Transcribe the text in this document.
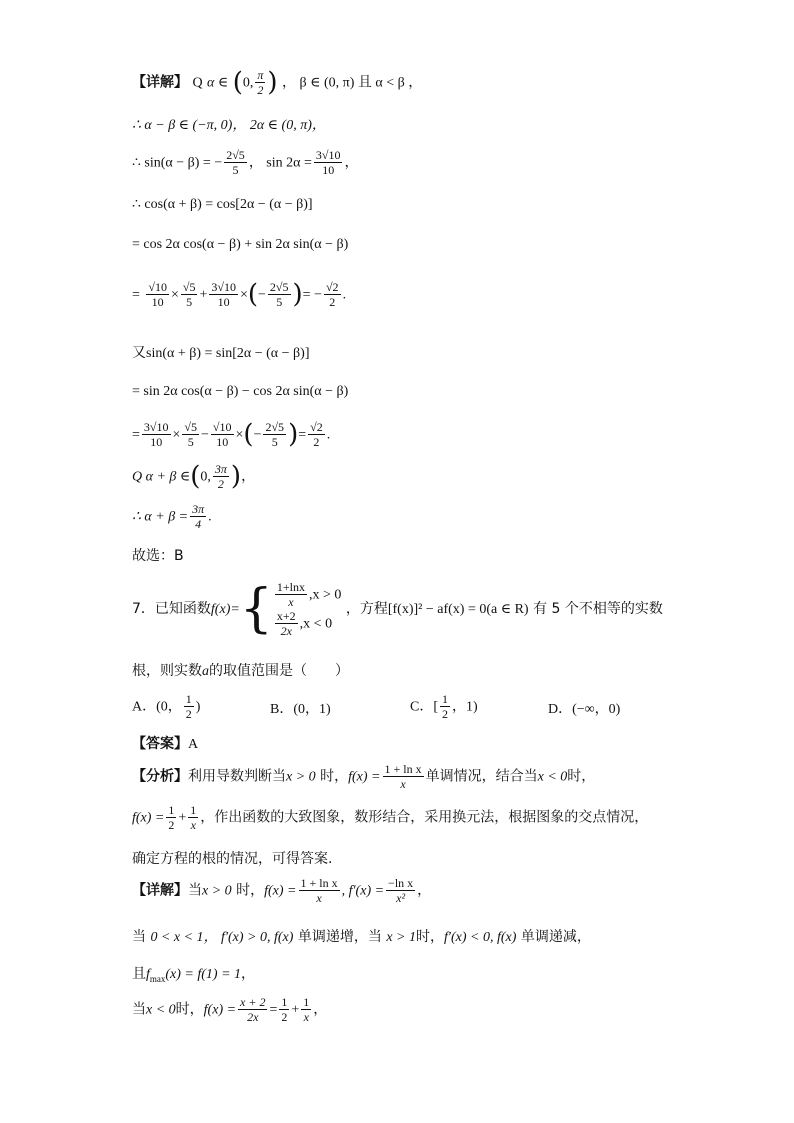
【详解】 Q α ∈ (0, $\frac{\pi}{2}$ ) ， β ∈ (0, π) 且 α < β ，
∴ α − β ∈ (−π, 0)， 2α ∈ (0, π)，
∴ sin(α − β) = − $\frac{2√5}{5}$ ， $\sin 2\alpha = \frac{3√10}{10}$ ，
∴ cos(α + β) = cos[2α − (α − β)]
= cos 2α cos(α − β) + sin 2α sin(α − β)
= $\frac{√10}{10} \times \frac{√5}{5} + \frac{3√10}{10}$ ×(− $\frac{2√5}{5}$ )= − $\frac{√2}{2}$ .
又sin(α + β) = sin[2α − (α − β)]
= sin 2α cos(α − β) − cos 2α sin(α − β)
= $\frac{3√10}{10} \times \frac{√5}{5} - \frac{√10}{10}$ ×(− $\frac{2√5}{5}$ )= $\frac{√2}{2}$ .
Q α + β ∈(0, $\frac{3\pi}{2}$ )，
∴ $\alpha + \beta = \frac{3\pi}{4}$ .
故选：B
7．已知函数$f(x)=\{ \frac{1+\ln x}{x} ,x > 0$
$\frac{x+2}{2x} ,x < 0$
，方程[f(x)]² − af(x) = 0(a ∈ R) 有 5 个不相等的实数
根，则实数a的取值范围是（　　）
A．(0， $\frac{1}{2}$ )	B．(0，1)	C．[ $\frac{1}{2}$ ，1)	D．(−∞，0)
【答案】A
【分析】利用导数判断当x > 0 时，$f(x) = \frac{\text{1 + ln x}}{x}$ 单调情况，结合当x < 0时，
$f(x) = \frac{1}{2} + \frac{1}{x}$ ，作出函数的大致图象，数形结合，采用换元法，根据图象的交点情况，
确定方程的根的情况，可得答案.
【详解】当x > 0 时，$f(x) = \frac{\text{1 + ln x}}{x}$ , $f'(x) = \frac{\text{−ln x}}{\text{x²}}$ ，
当 0 < x < 1， f′(x) > 0, f(x) 单调递增，当 x > 1时，f′(x) < 0, f(x) 单调递减，
且$f_{max}(x) = f(1) = 1$，
当x < 0时，$f(x) = \frac{x + 2}{2x} = \frac{1}{2} + \frac{1}{x}$ ，
